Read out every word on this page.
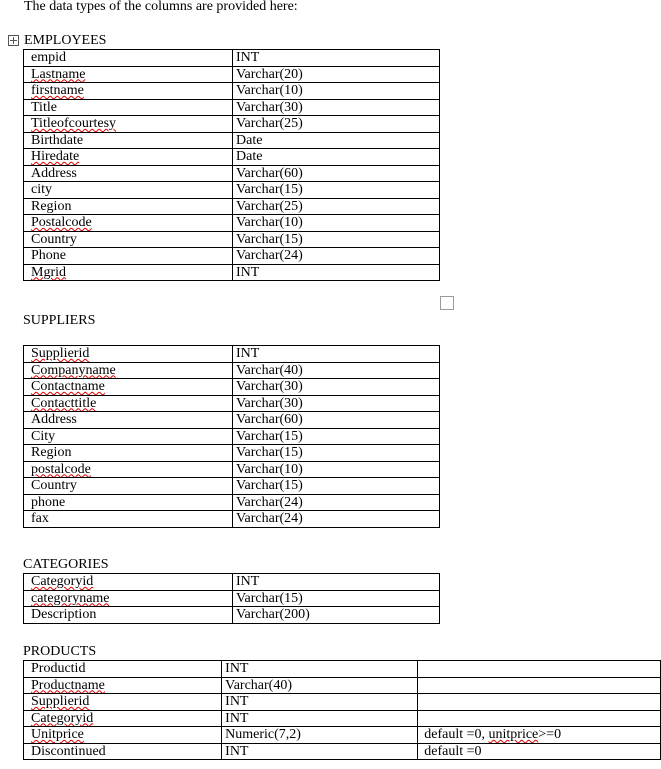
The data types of the columns are provided here:
EMPLOYEES
empid	INT
Lastname	Varchar(20)
firstname	Varchar(10)
Title	Varchar(30)
Titleofcourtesy	Varchar(25)
Birthdate	Date
Hiredate	Date
Address	Varchar(60)
city	Varchar(15)
Region	Varchar(25)
Postalcode	Varchar(10)
Country	Varchar(15)
Phone	Varchar(24)
Mgrid	INT
SUPPLIERS
Supplierid	INT
Companyname	Varchar(40)
Contactname	Varchar(30)
Contacttitle	Varchar(30)
Address	Varchar(60)
City	Varchar(15)
Region	Varchar(15)
postalcode	Varchar(10)
Country	Varchar(15)
phone	Varchar(24)
fax	Varchar(24)
CATEGORIES
Categoryid	INT
categoryname	Varchar(15)
Description	Varchar(200)
PRODUCTS
Productid	INT	
Productname	Varchar(40)	
Supplierid	INT	
Categoryid	INT	
Unitprice	Numeric(7,2)	default =0, unitprice>=0
Discontinued	INT	default =0
